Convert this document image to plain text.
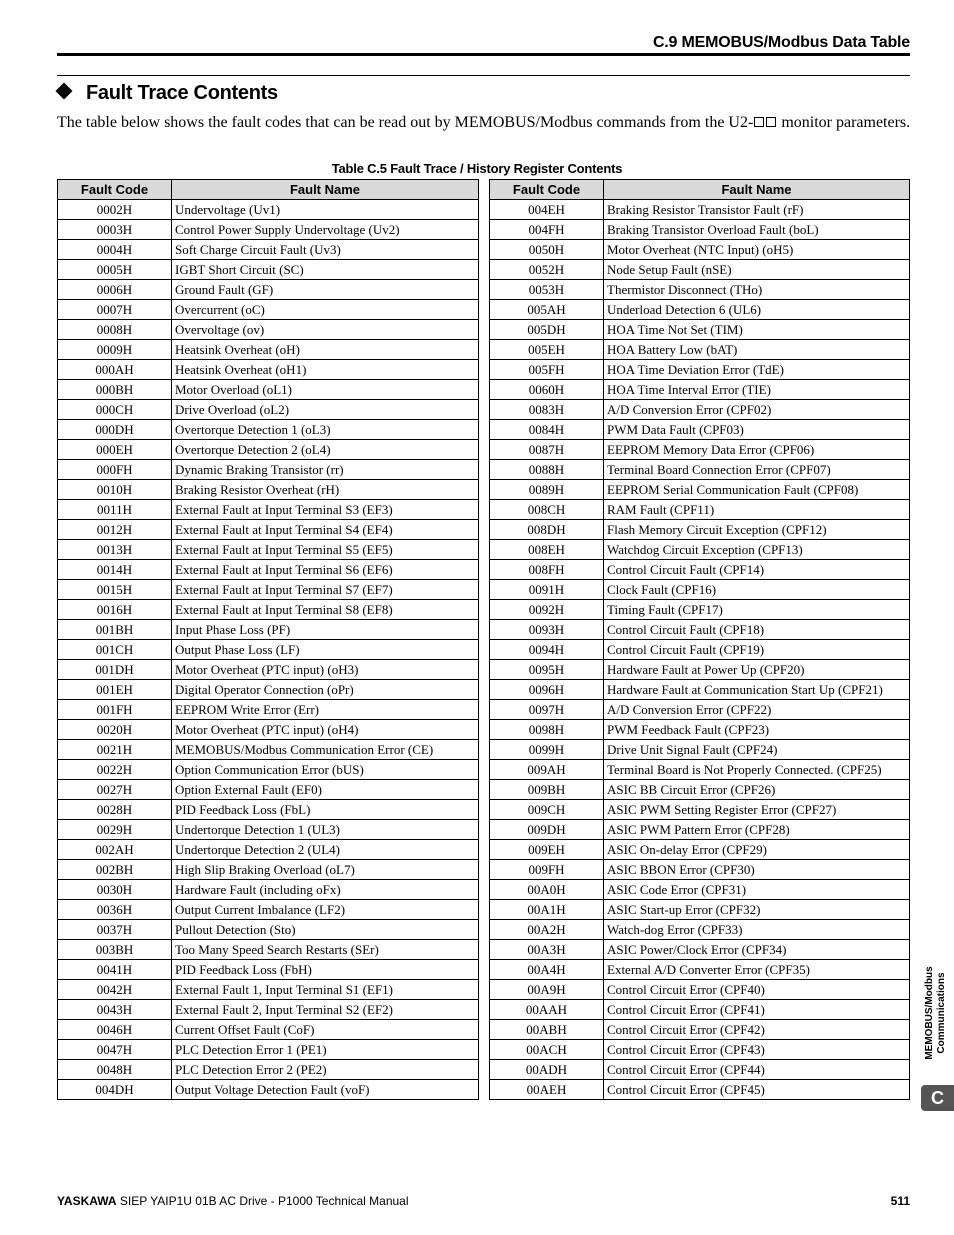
C.9 MEMOBUS/Modbus Data Table
Fault Trace Contents
The table below shows the fault codes that can be read out by MEMOBUS/Modbus commands from the U2- monitor parameters.
Table C.5 Fault Trace / History Register Contents
Fault Code	Fault Name
0002H	Undervoltage (Uv1)
0003H	Control Power Supply Undervoltage (Uv2)
0004H	Soft Charge Circuit Fault (Uv3)
0005H	IGBT Short Circuit (SC)
0006H	Ground Fault (GF)
0007H	Overcurrent (oC)
0008H	Overvoltage (ov)
0009H	Heatsink Overheat (oH)
000AH	Heatsink Overheat (oH1)
000BH	Motor Overload (oL1)
000CH	Drive Overload (oL2)
000DH	Overtorque Detection 1 (oL3)
000EH	Overtorque Detection 2 (oL4)
000FH	Dynamic Braking Transistor (rr)
0010H	Braking Resistor Overheat (rH)
0011H	External Fault at Input Terminal S3 (EF3)
0012H	External Fault at Input Terminal S4 (EF4)
0013H	External Fault at Input Terminal S5 (EF5)
0014H	External Fault at Input Terminal S6 (EF6)
0015H	External Fault at Input Terminal S7 (EF7)
0016H	External Fault at Input Terminal S8 (EF8)
001BH	Input Phase Loss (PF)
001CH	Output Phase Loss (LF)
001DH	Motor Overheat (PTC input) (oH3)
001EH	Digital Operator Connection (oPr)
001FH	EEPROM Write Error (Err)
0020H	Motor Overheat (PTC input) (oH4)
0021H	MEMOBUS/Modbus Communication Error (CE)
0022H	Option Communication Error (bUS)
0027H	Option External Fault (EF0)
0028H	PID Feedback Loss (FbL)
0029H	Undertorque Detection 1 (UL3)
002AH	Undertorque Detection 2 (UL4)
002BH	High Slip Braking Overload (oL7)
0030H	Hardware Fault (including oFx)
0036H	Output Current Imbalance (LF2)
0037H	Pullout Detection (Sto)
003BH	Too Many Speed Search Restarts (SEr)
0041H	PID Feedback Loss (FbH)
0042H	External Fault 1, Input Terminal S1 (EF1)
0043H	External Fault 2, Input Terminal S2 (EF2)
0046H	Current Offset Fault (CoF)
0047H	PLC Detection Error 1 (PE1)
0048H	PLC Detection Error 2 (PE2)
004DH	Output Voltage Detection Fault (voF)
Fault Code	Fault Name
004EH	Braking Resistor Transistor Fault (rF)
004FH	Braking Transistor Overload Fault (boL)
0050H	Motor Overheat (NTC Input) (oH5)
0052H	Node Setup Fault (nSE)
0053H	Thermistor Disconnect (THo)
005AH	Underload Detection 6 (UL6)
005DH	HOA Time Not Set (TIM)
005EH	HOA Battery Low (bAT)
005FH	HOA Time Deviation Error (TdE)
0060H	HOA Time Interval Error (TIE)
0083H	A/D Conversion Error (CPF02)
0084H	PWM Data Fault (CPF03)
0087H	EEPROM Memory Data Error (CPF06)
0088H	Terminal Board Connection Error (CPF07)
0089H	EEPROM Serial Communication Fault (CPF08)
008CH	RAM Fault (CPF11)
008DH	Flash Memory Circuit Exception (CPF12)
008EH	Watchdog Circuit Exception (CPF13)
008FH	Control Circuit Fault (CPF14)
0091H	Clock Fault (CPF16)
0092H	Timing Fault (CPF17)
0093H	Control Circuit Fault (CPF18)
0094H	Control Circuit Fault (CPF19)
0095H	Hardware Fault at Power Up (CPF20)
0096H	Hardware Fault at Communication Start Up (CPF21)
0097H	A/D Conversion Error (CPF22)
0098H	PWM Feedback Fault (CPF23)
0099H	Drive Unit Signal Fault (CPF24)
009AH	Terminal Board is Not Properly Connected. (CPF25)
009BH	ASIC BB Circuit Error (CPF26)
009CH	ASIC PWM Setting Register Error (CPF27)
009DH	ASIC PWM Pattern Error (CPF28)
009EH	ASIC On-delay Error (CPF29)
009FH	ASIC BBON Error (CPF30)
00A0H	ASIC Code Error (CPF31)
00A1H	ASIC Start-up Error (CPF32)
00A2H	Watch-dog Error (CPF33)
00A3H	ASIC Power/Clock Error (CPF34)
00A4H	External A/D Converter Error (CPF35)
00A9H	Control Circuit Error (CPF40)
00AAH	Control Circuit Error (CPF41)
00ABH	Control Circuit Error (CPF42)
00ACH	Control Circuit Error (CPF43)
00ADH	Control Circuit Error (CPF44)
00AEH	Control Circuit Error (CPF45)
MEMOBUS/Modbus
Communications
C
YASKAWA SIEP YAIP1U 01B AC Drive - P1000 Technical Manual	511
